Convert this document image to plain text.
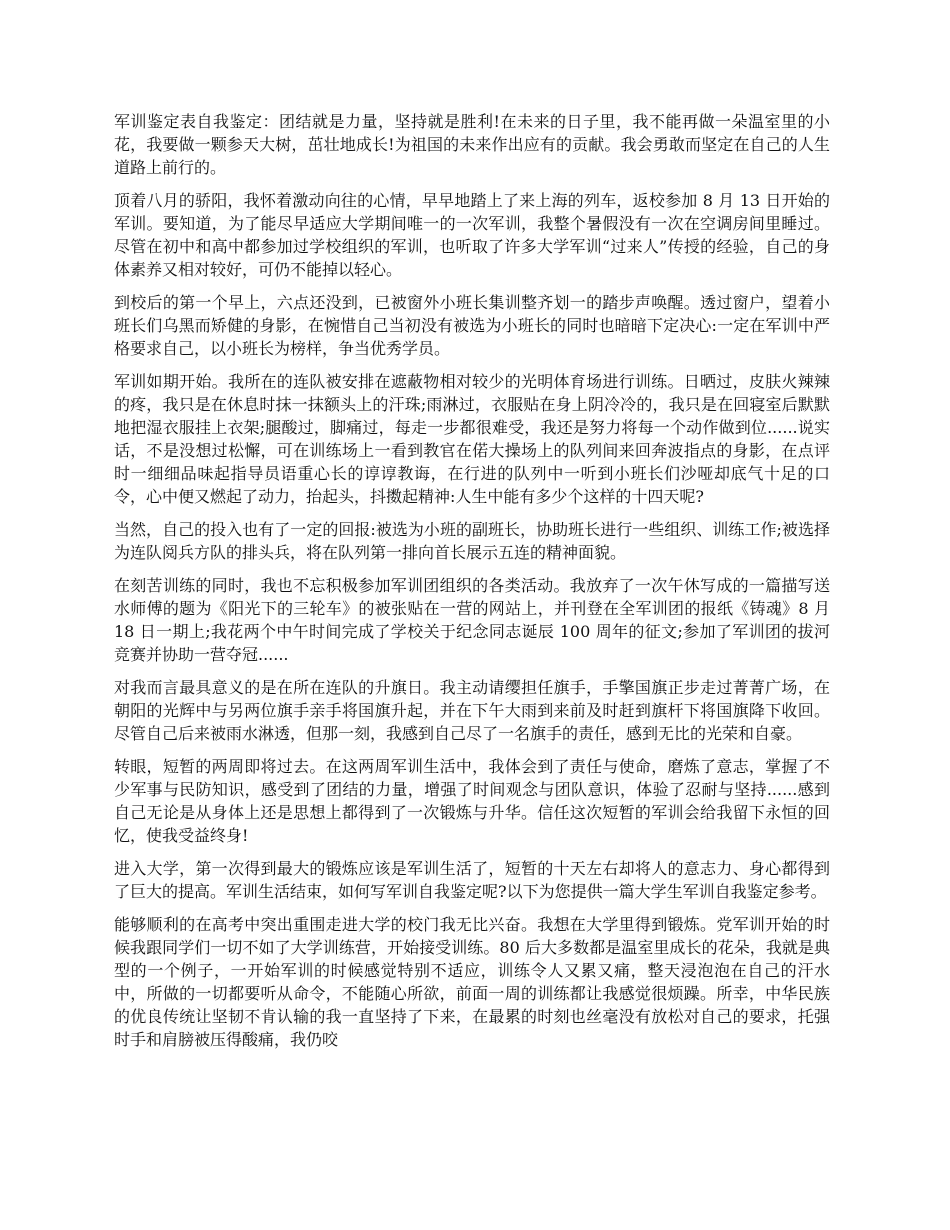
军训鉴定表自我鉴定：团结就是力量，坚持就是胜利!在未来的日子里，我不能再做一朵温室里的小花，我要做一颗参天大树，茁壮地成长!为祖国的未来作出应有的贡献。我会勇敢而坚定在自己的人生道路上前行的。

顶着八月的骄阳，我怀着激动向往的心情，早早地踏上了来上海的列车，返校参加 8 月 13 日开始的军训。要知道，为了能尽早适应大学期间唯一的一次军训，我整个暑假没有一次在空调房间里睡过。尽管在初中和高中都参加过学校组织的军训，也听取了许多大学军训“过来人”传授的经验，自己的身体素养又相对较好，可仍不能掉以轻心。

到校后的第一个早上，六点还没到，已被窗外小班长集训整齐划一的踏步声唤醒。透过窗户，望着小班长们乌黑而矫健的身影，在惋惜自己当初没有被选为小班长的同时也暗暗下定决心:一定在军训中严格要求自己，以小班长为榜样，争当优秀学员。

军训如期开始。我所在的连队被安排在遮蔽物相对较少的光明体育场进行训练。日晒过，皮肤火辣辣的疼，我只是在休息时抹一抹额头上的汗珠;雨淋过，衣服贴在身上阴冷冷的，我只是在回寝室后默默地把湿衣服挂上衣架;腿酸过，脚痛过，每走一步都很难受，我还是努力将每一个动作做到位......说实话，不是没想过松懈，可在训练场上一看到教官在偌大操场上的队列间来回奔波指点的身影，在点评时一细细品味起指导员语重心长的谆谆教诲，在行进的队列中一听到小班长们沙哑却底气十足的口令，心中便又燃起了动力，抬起头，抖擞起精神:人生中能有多少个这样的十四天呢?

当然，自己的投入也有了一定的回报:被选为小班的副班长，协助班长进行一些组织、训练工作;被选择为连队阅兵方队的排头兵，将在队列第一排向首长展示五连的精神面貌。

在刻苦训练的同时，我也不忘积极参加军训团组织的各类活动。我放弃了一次午休写成的一篇描写送水师傅的题为《阳光下的三轮车》的被张贴在一营的网站上，并刊登在全军训团的报纸《铸魂》8 月 18 日一期上;我花两个中午时间完成了学校关于纪念同志诞辰 100 周年的征文;参加了军训团的拔河竞赛并协助一营夺冠......

对我而言最具意义的是在所在连队的升旗日。我主动请缨担任旗手，手擎国旗正步走过菁菁广场，在朝阳的光辉中与另两位旗手亲手将国旗升起，并在下午大雨到来前及时赶到旗杆下将国旗降下收回。尽管自己后来被雨水淋透，但那一刻，我感到自己尽了一名旗手的责任，感到无比的光荣和自豪。

转眼，短暂的两周即将过去。在这两周军训生活中，我体会到了责任与使命，磨炼了意志，掌握了不少军事与民防知识，感受到了团结的力量，增强了时间观念与团队意识，体验了忍耐与坚持......感到自己无论是从身体上还是思想上都得到了一次锻炼与升华。信任这次短暂的军训会给我留下永恒的回忆，使我受益终身!

进入大学，第一次得到最大的锻炼应该是军训生活了，短暂的十天左右却将人的意志力、身心都得到了巨大的提高。军训生活结束，如何写军训自我鉴定呢?以下为您提供一篇大学生军训自我鉴定参考。

能够顺利的在高考中突出重围走进大学的校门我无比兴奋。我想在大学里得到锻炼。党军训开始的时候我跟同学们一切不如了大学训练营，开始接受训练。80 后大多数都是温室里成长的花朵，我就是典型的一个例子，一开始军训的时候感觉特别不适应，训练令人又累又痛，整天浸泡泡在自己的汗水中，所做的一切都要听从命令，不能随心所欲，前面一周的训练都让我感觉很烦躁。所幸，中华民族的优良传统让坚韧不肯认输的我一直坚持了下来，在最累的时刻也丝毫没有放松对自己的要求，托强时手和肩膀被压得酸痛，我仍咬
